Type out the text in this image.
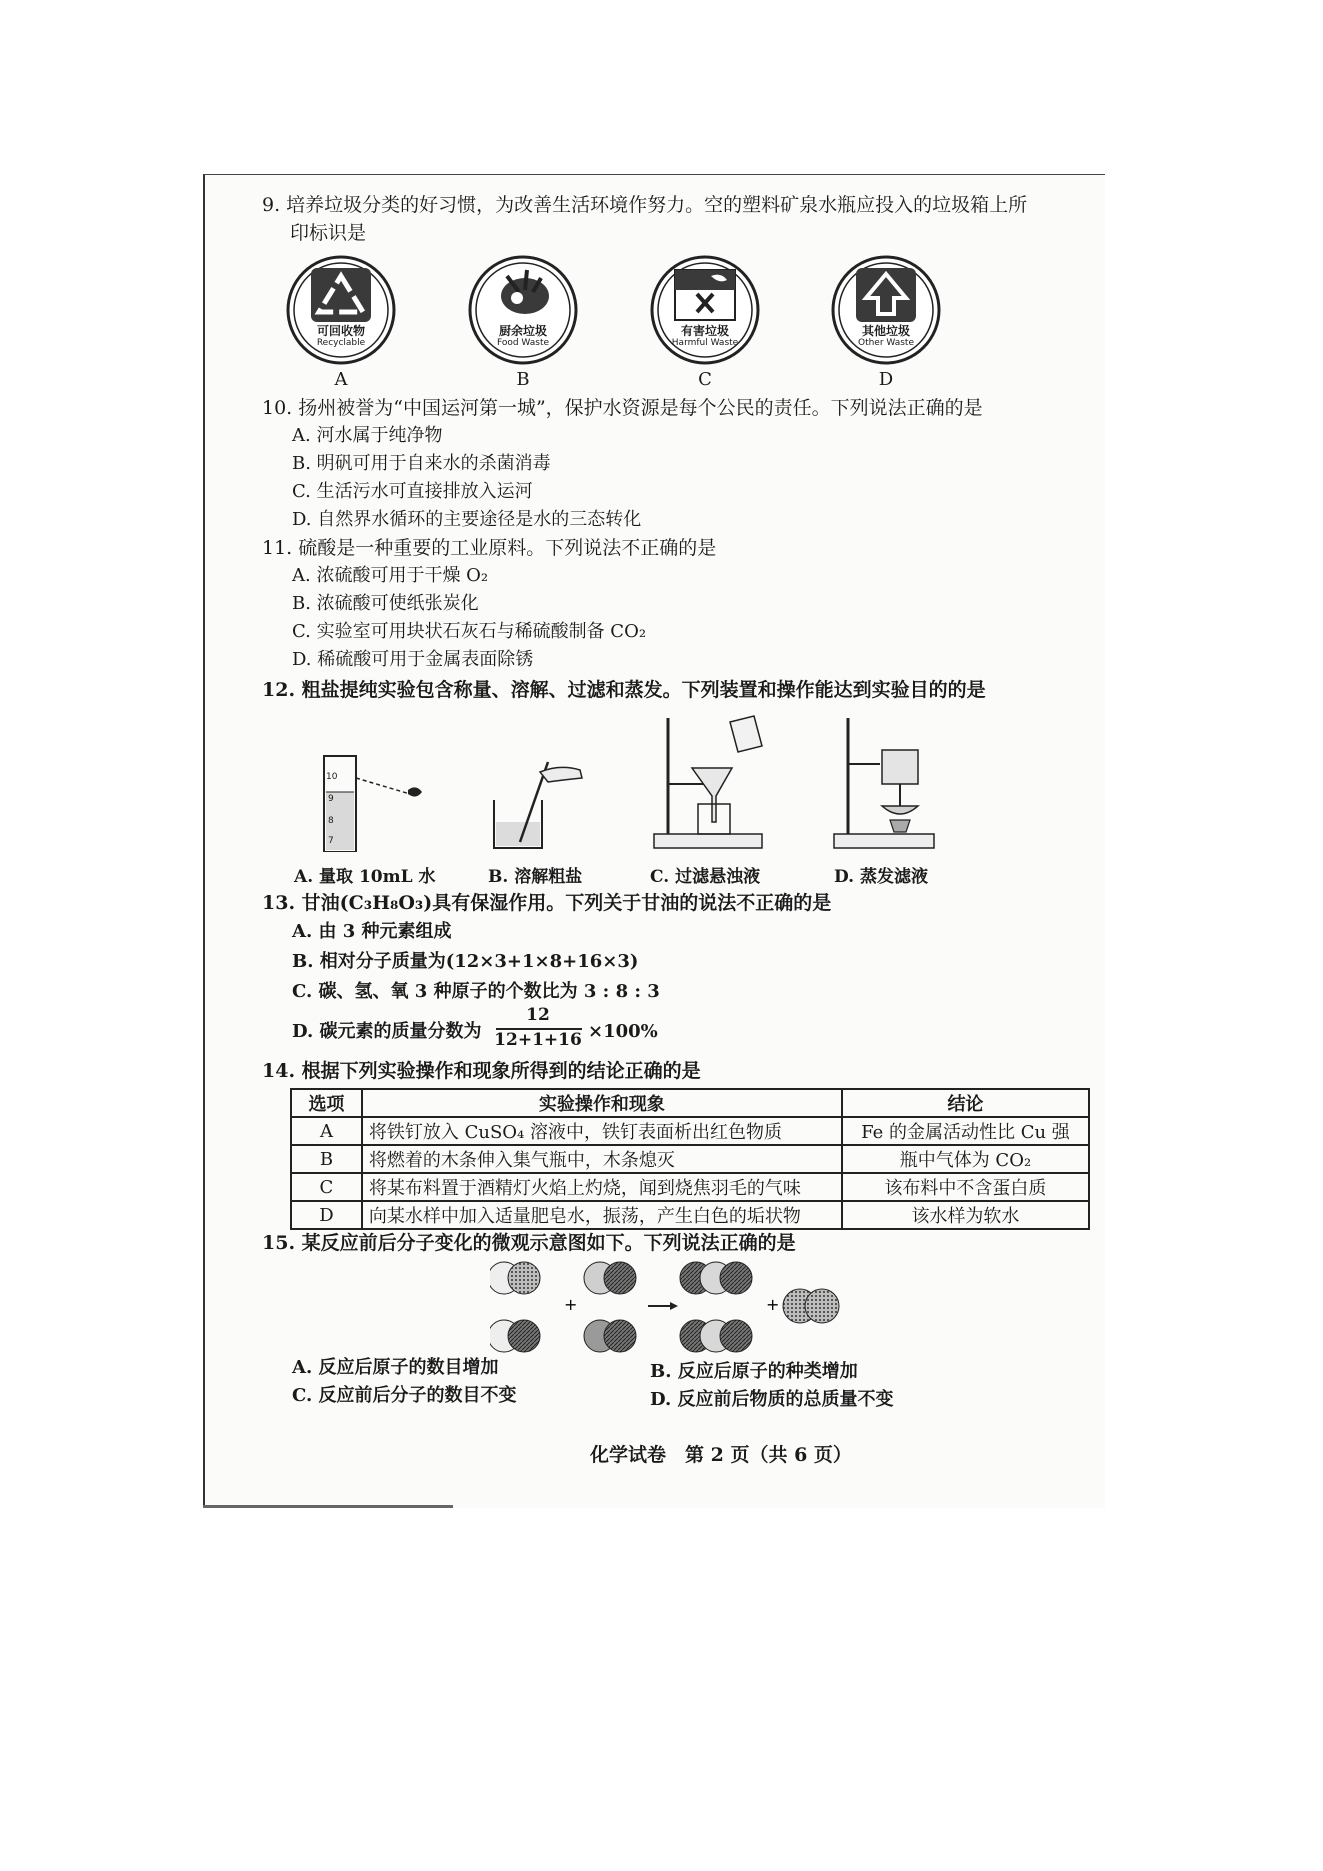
9. 培养垃圾分类的好习惯，为改善生活环境作努力。空的塑料矿泉水瓶应投入的垃圾箱上所
印标识是
可回收物
Recyclable
A
厨余垃圾
Food Waste
B
有害垃圾
Harmful Waste
C
其他垃圾
Other Waste
D
10. 扬州被誉为“中国运河第一城”，保护水资源是每个公民的责任。下列说法正确的是
A. 河水属于纯净物
B. 明矾可用于自来水的杀菌消毒
C. 生活污水可直接排放入运河
D. 自然界水循环的主要途径是水的三态转化
11. 硫酸是一种重要的工业原料。下列说法不正确的是
A. 浓硫酸可用于干燥 O₂
B. 浓硫酸可使纸张炭化
C. 实验室可用块状石灰石与稀硫酸制备 CO₂
D. 稀硫酸可用于金属表面除锈
12. 粗盐提纯实验包含称量、溶解、过滤和蒸发。下列装置和操作能达到实验目的的是
10
9
8
7
A. 量取 10mL 水	B. 溶解粗盐	C. 过滤悬浊液	D. 蒸发滤液
13. 甘油(C₃H₈O₃)具有保湿作用。下列关于甘油的说法不正确的是
A. 由 3 种元素组成
B. 相对分子质量为(12×3+1×8+16×3)
C. 碳、氢、氧 3 种原子的个数比为 3 : 8 : 3
D. 碳元素的质量分数为
12
12+1+16 ×100%
14. 根据下列实验操作和现象所得到的结论正确的是
选项	实验操作和现象	结论
A	将铁钉放入 CuSO₄ 溶液中，铁钉表面析出红色物质	Fe 的金属活动性比 Cu 强
B	将燃着的木条伸入集气瓶中，木条熄灭	瓶中气体为 CO₂
C	将某布料置于酒精灯火焰上灼烧，闻到烧焦羽毛的气味	该布料中不含蛋白质
D	向某水样中加入适量肥皂水，振荡，产生白色的垢状物	该水样为软水
15. 某反应前后分子变化的微观示意图如下。下列说法正确的是
+	+
A. 反应后原子的数目增加	B. 反应后原子的种类增加
C. 反应前后分子的数目不变	D. 反应前后物质的总质量不变
化学试卷　第 2 页（共 6 页）
